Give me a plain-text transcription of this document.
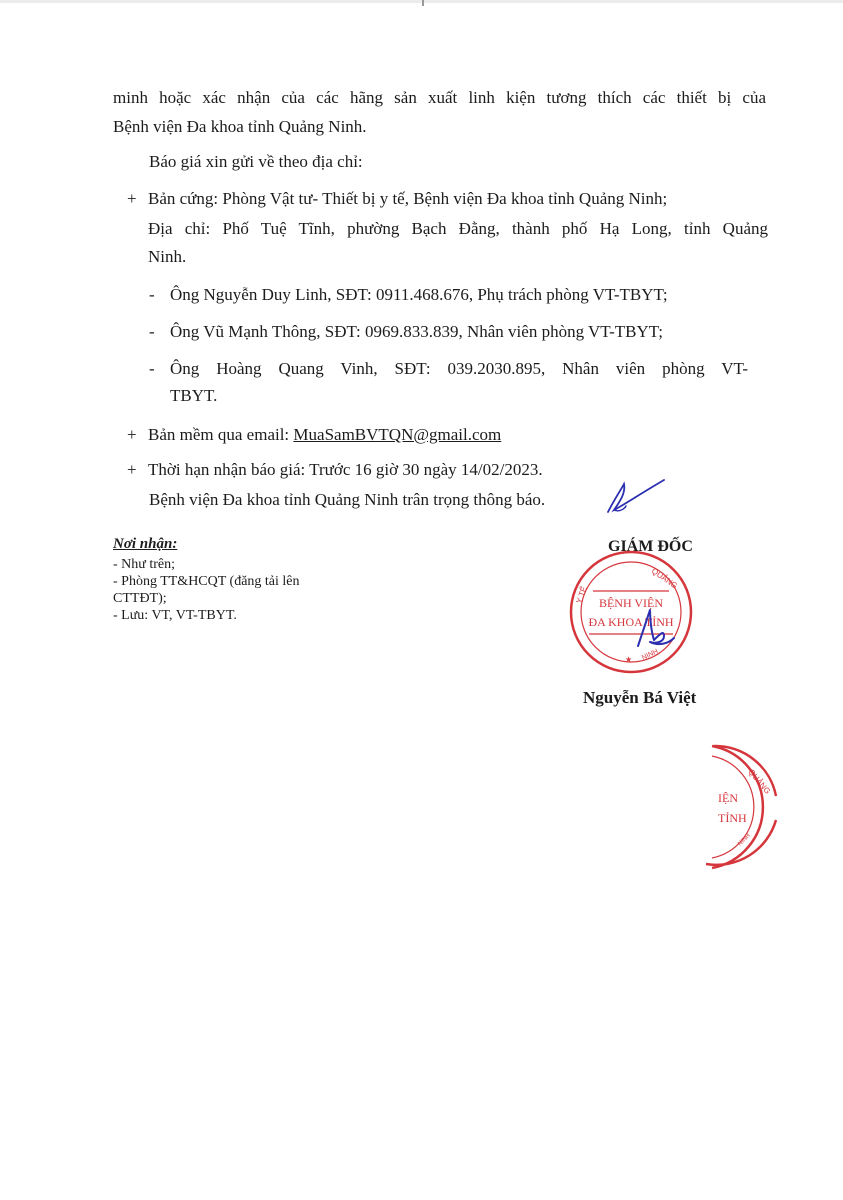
minh hoặc xác nhận của các hãng sản xuất linh kiện tương thích các thiết bị của
Bệnh viện Đa khoa tỉnh Quảng Ninh.
Báo giá xin gửi về theo địa chỉ:
+ Bản cứng: Phòng Vật tư- Thiết bị y tế, Bệnh viện Đa khoa tỉnh Quảng Ninh;
Địa chỉ: Phố Tuệ Tĩnh, phường Bạch Đằng, thành phố Hạ Long, tỉnh Quảng
Ninh.
- Ông Nguyễn Duy Linh, SĐT: 0911.468.676, Phụ trách phòng VT-TBYT;
- Ông Vũ Mạnh Thông, SĐT: 0969.833.839, Nhân viên phòng VT-TBYT;
- Ông Hoàng Quang Vinh, SĐT: 039.2030.895, Nhân viên phòng VT-
TBYT.
+ Bản mềm qua email: MuaSamBVTQN@gmail.com
+ Thời hạn nhận báo giá: Trước 16 giờ 30 ngày 14/02/2023.
Bệnh viện Đa khoa tỉnh Quảng Ninh trân trọng thông báo.
Nơi nhận:
- Như trên;
- Phòng TT&HCQT (đăng tải lên
CTTĐT);
- Lưu: VT, VT-TBYT.
GIÁM ĐỐC
BỆNH VIỆN
ĐA KHOA TỈNH
QUẢNG
Y TẾ
NINH
★
Nguyễn Bá Việt
IỆN
TỈNH
QUẢNG
NINH
